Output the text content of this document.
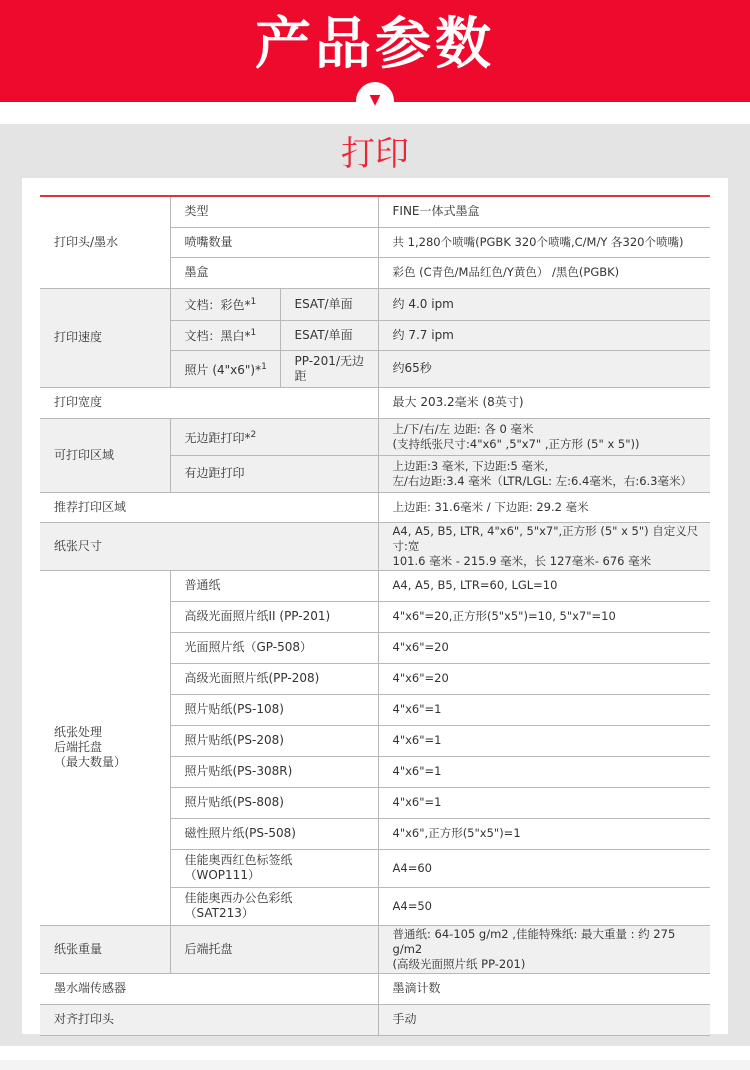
产品参数
▼
打印
打印头/墨水	类型		FINE一体式墨盒
	喷嘴数量		共 1,280个喷嘴(PGBK 320个喷嘴,C/M/Y 各320个喷嘴)
	墨盒		彩色 (C青色/M品红色/Y黄色） /黑色(PGBK)
打印速度	文档：彩色*$^1$	ESAT/单面	约 4.0 ipm
	文档：黑白*$^1$	ESAT/单面	约 7.7 ipm
	照片 (4"x6")*$^1$	PP-201/无边距	约65秒
打印宽度			最大 203.2毫米 (8英寸)
可打印区域	无边距打印*$^2$		上/下/右/左 边距: 各 0 毫米
(支持纸张尺寸:4"x6" ,5"x7" ,正方形 (5" x 5"))
	有边距打印		上边距:3 毫米, 下边距:5 毫米,
左/右边距:3.4 毫米（LTR/LGL: 左:6.4毫米，右:6.3毫米）
推荐打印区域			上边距: 31.6毫米 / 下边距: 29.2 毫米
纸张尺寸			A4, A5, B5, LTR, 4"x6", 5"x7",正方形 (5" x 5") 自定义尺寸:宽
101.6 毫米 - 215.9 毫米，长 127毫米- 676 毫米
纸张处理
后端托盘
（最大数量）	普通纸		A4, A5, B5, LTR=60, LGL=10
	高级光面照片纸II (PP-201)		4"x6"=20,正方形(5"x5")=10, 5"x7"=10
	光面照片纸（GP-508）		4"x6"=20
	高级光面照片纸(PP-208)		4"x6"=20
	照片贴纸(PS-108)		4"x6"=1
	照片贴纸(PS-208)		4"x6"=1
	照片贴纸(PS-308R)		4"x6"=1
	照片贴纸(PS-808)		4"x6"=1
	磁性照片纸(PS-508)		4"x6",正方形(5"x5")=1
	佳能奥西红色标签纸
（WOP111）		A4=60
	佳能奥西办公色彩纸
（SAT213）		A4=50
纸张重量	后端托盘		普通纸: 64-105 g/m2 ,佳能特殊纸: 最大重量 : 约 275 g/m2
(高级光面照片纸 PP-201)
墨水端传感器			墨滴计数
对齐打印头			手动
